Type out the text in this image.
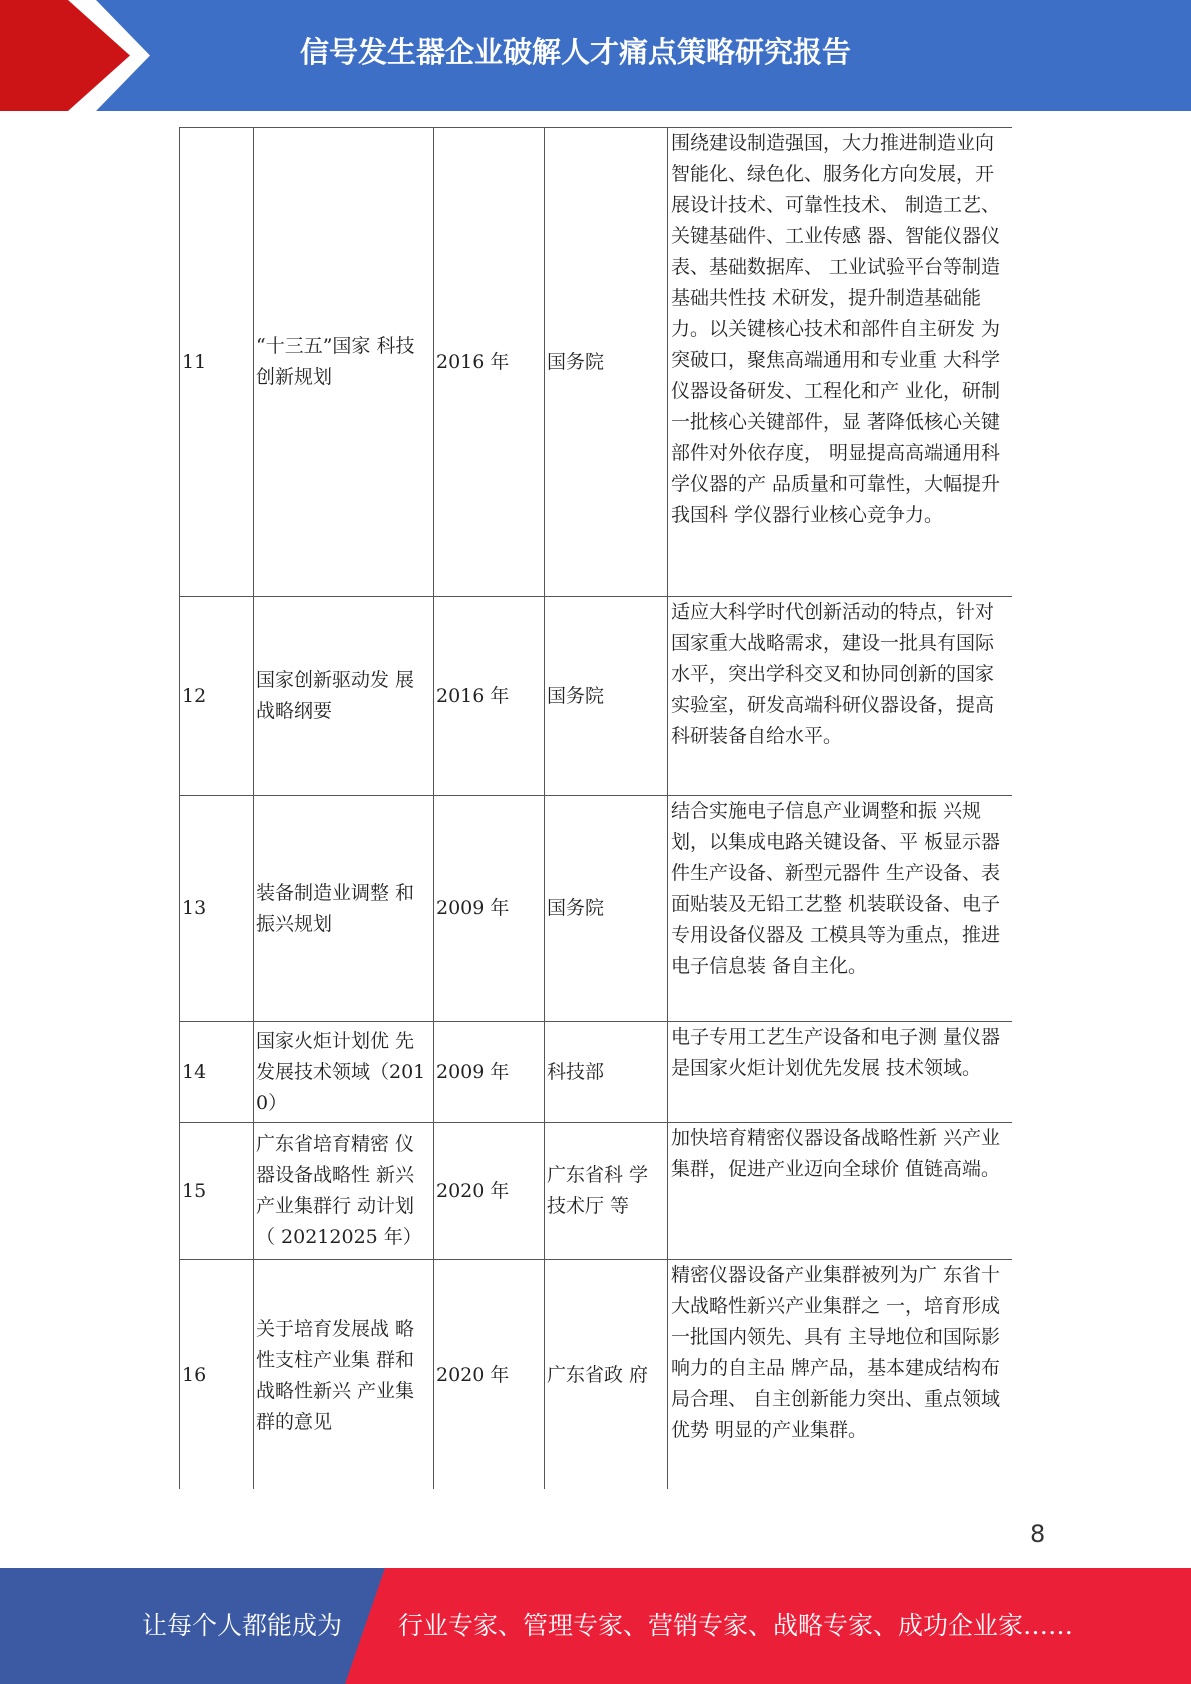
信号发生器企业破解人才痛点策略研究报告
11	“十三五”国家 科技创新规划	2016 年	国务院	围绕建设制造强国，大力推进制造业向智能化、绿色化、服务化方向发展，开展设计技术、可靠性技术、 制造工艺、关键基础件、工业传感 器、智能仪器仪表、基础数据库、 工业试验平台等制造基础共性技 术研发，提升制造基础能力。以关键核心技术和部件自主研发 为突破口，聚焦高端通用和专业重 大科学仪器设备研发、工程化和产 业化，研制一批核心关键部件，显 著降低核心关键部件对外依存度， 明显提高高端通用科学仪器的产 品质量和可靠性，大幅提升我国科 学仪器行业核心竞争力。
12	国家创新驱动发 展战略纲要	2016 年	国务院	适应大科学时代创新活动的特点，针对国家重大战略需求，建设一批具有国际水平，突出学科交叉和协同创新的国家实验室，研发高端科研仪器设备，提高科研装备自给水平。
13	装备制造业调整 和振兴规划	2009 年	国务院	结合实施电子信息产业调整和振 兴规划，以集成电路关键设备、平 板显示器件生产设备、新型元器件 生产设备、表面贴装及无铅工艺整 机装联设备、电子专用设备仪器及 工模具等为重点，推进电子信息装 备自主化。
14	国家火炬计划优 先发展技术领域（2010）	2009 年	科技部	电子专用工艺生产设备和电子测 量仪器是国家火炬计划优先发展 技术领域。
15	广东省培育精密 仪器设备战略性 新兴产业集群行 动计划（ 20212025 年）	2020 年	广东省科 学技术厅 等	加快培育精密仪器设备战略性新 兴产业集群，促进产业迈向全球价 值链高端。
16	关于培育发展战 略性支柱产业集 群和战略性新兴 产业集群的意见	2020 年	广东省政 府	精密仪器设备产业集群被列为广 东省十大战略性新兴产业集群之 一，培育形成一批国内领先、具有 主导地位和国际影响力的自主品 牌产品，基本建成结构布局合理、 自主创新能力突出、重点领域优势 明显的产业集群。
8
让每个人都能成为 行业专家、管理专家、营销专家、战略专家、成功企业家……
